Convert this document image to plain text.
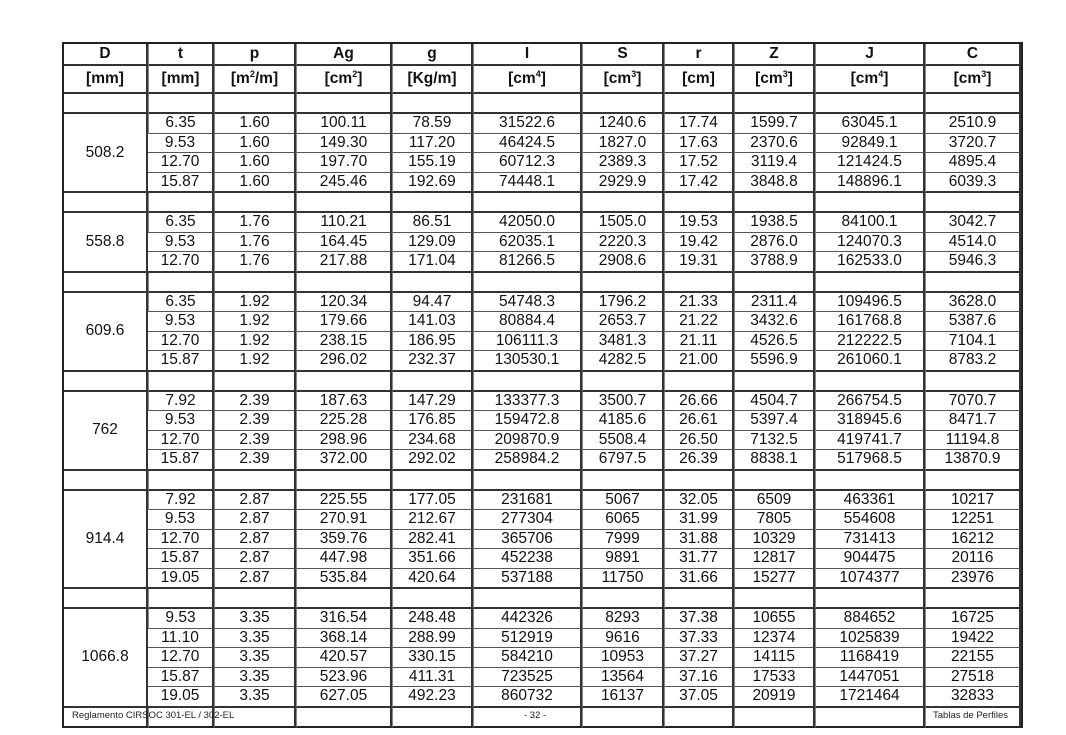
D	t	p	Ag	g	I	S	r	Z	J	C
[mm]	[mm]	$[m^2/m]$	$[cm^2]$	[Kg/m]	$[cm^4]$	$[cm^3]$	[cm]	$[cm^3]$	$[cm^4]$	$[cm^3]$

508.2	6.35	1.60	100.11	78.59	31522.6	1240.6	17.74	1599.7	63045.1	2510.9
	9.53	1.60	149.30	117.20	46424.5	1827.0	17.63	2370.6	92849.1	3720.7
	12.70	1.60	197.70	155.19	60712.3	2389.3	17.52	3119.4	121424.5	4895.4
	15.87	1.60	245.46	192.69	74448.1	2929.9	17.42	3848.8	148896.1	6039.3

558.8	6.35	1.76	110.21	86.51	42050.0	1505.0	19.53	1938.5	84100.1	3042.7
	9.53	1.76	164.45	129.09	62035.1	2220.3	19.42	2876.0	124070.3	4514.0
	12.70	1.76	217.88	171.04	81266.5	2908.6	19.31	3788.9	162533.0	5946.3

609.6	6.35	1.92	120.34	94.47	54748.3	1796.2	21.33	2311.4	109496.5	3628.0
	9.53	1.92	179.66	141.03	80884.4	2653.7	21.22	3432.6	161768.8	5387.6
	12.70	1.92	238.15	186.95	106111.3	3481.3	21.11	4526.5	212222.5	7104.1
	15.87	1.92	296.02	232.37	130530.1	4282.5	21.00	5596.9	261060.1	8783.2

762	7.92	2.39	187.63	147.29	133377.3	3500.7	26.66	4504.7	266754.5	7070.7
	9.53	2.39	225.28	176.85	159472.8	4185.6	26.61	5397.4	318945.6	8471.7
	12.70	2.39	298.96	234.68	209870.9	5508.4	26.50	7132.5	419741.7	11194.8
	15.87	2.39	372.00	292.02	258984.2	6797.5	26.39	8838.1	517968.5	13870.9

914.4	7.92	2.87	225.55	177.05	231681	5067	32.05	6509	463361	10217
	9.53	2.87	270.91	212.67	277304	6065	31.99	7805	554608	12251
	12.70	2.87	359.76	282.41	365706	7999	31.88	10329	731413	16212
	15.87	2.87	447.98	351.66	452238	9891	31.77	12817	904475	20116
	19.05	2.87	535.84	420.64	537188	11750	31.66	15277	1074377	23976

1066.8	9.53	3.35	316.54	248.48	442326	8293	37.38	10655	884652	16725
	11.10	3.35	368.14	288.99	512919	9616	37.33	12374	1025839	19422
	12.70	3.35	420.57	330.15	584210	10953	37.27	14115	1168419	22155
	15.87	3.35	523.96	411.31	723525	13564	37.16	17533	1447051	27518
	19.05	3.35	627.05	492.23	860732	16137	37.05	20919	1721464	32833

Reglamento CIRSOC 301-EL / 302-EL	- 32 -	Tablas de Perfiles
